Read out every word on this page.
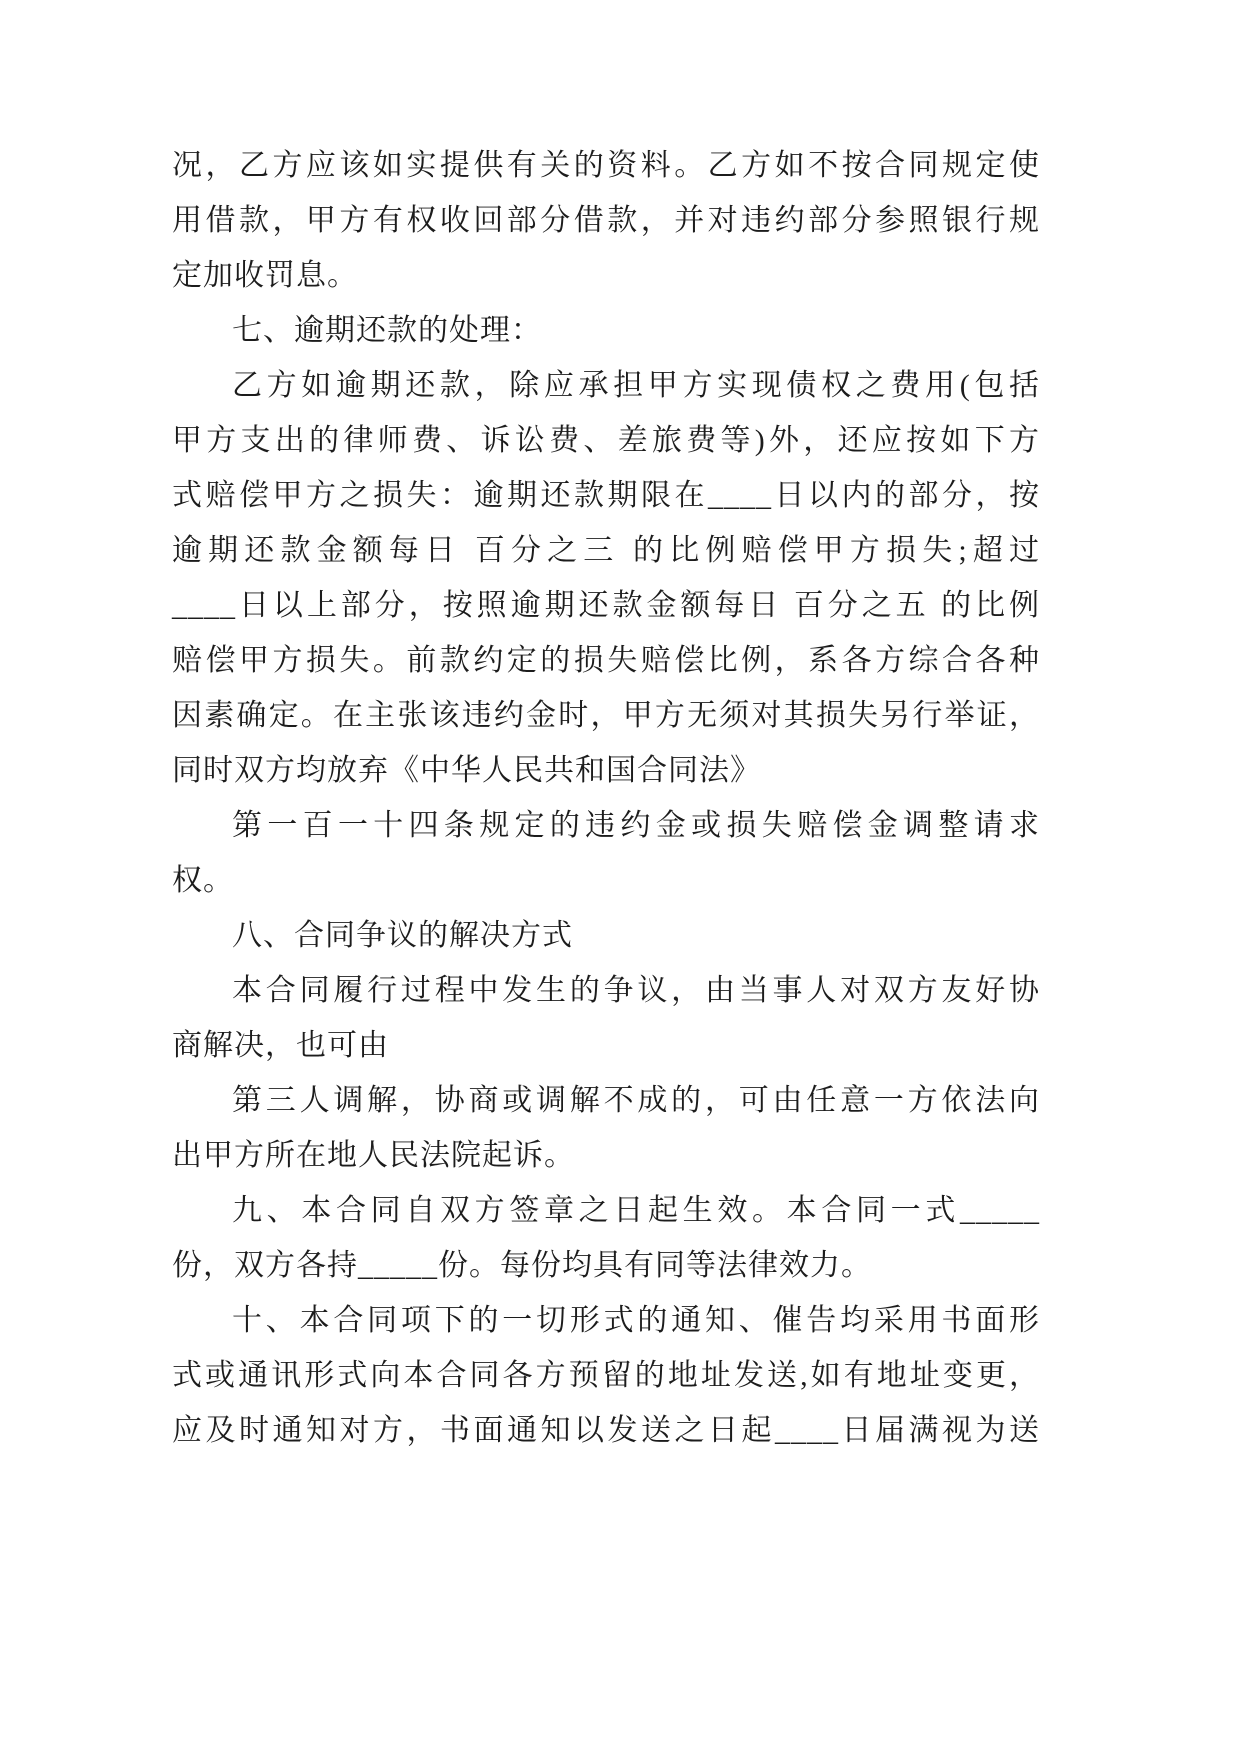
况，乙方应该如实提供有关的资料。乙方如不按合同规定使
用借款，甲方有权收回部分借款，并对违约部分参照银行规
定加收罚息。
七、逾期还款的处理：
乙方如逾期还款，除应承担甲方实现债权之费用(包括
甲方支出的律师费、诉讼费、差旅费等)外，还应按如下方
式赔偿甲方之损失：逾期还款期限在____日以内的部分，按
逾期还款金额每日 百分之三 的比例赔偿甲方损失;超过
____日以上部分，按照逾期还款金额每日 百分之五 的比例
赔偿甲方损失。前款约定的损失赔偿比例，系各方综合各种
因素确定。在主张该违约金时，甲方无须对其损失另行举证，
同时双方均放弃《中华人民共和国合同法》
第一百一十四条规定的违约金或损失赔偿金调整请求
权。
八、合同争议的解决方式
本合同履行过程中发生的争议，由当事人对双方友好协
商解决，也可由
第三人调解，协商或调解不成的，可由任意一方依法向
出甲方所在地人民法院起诉。
九、本合同自双方签章之日起生效。本合同一式_____
份，双方各持_____份。每份均具有同等法律效力。
十、本合同项下的一切形式的通知、催告均采用书面形
式或通讯形式向本合同各方预留的地址发送,如有地址变更，
应及时通知对方，书面通知以发送之日起____日届满视为送
